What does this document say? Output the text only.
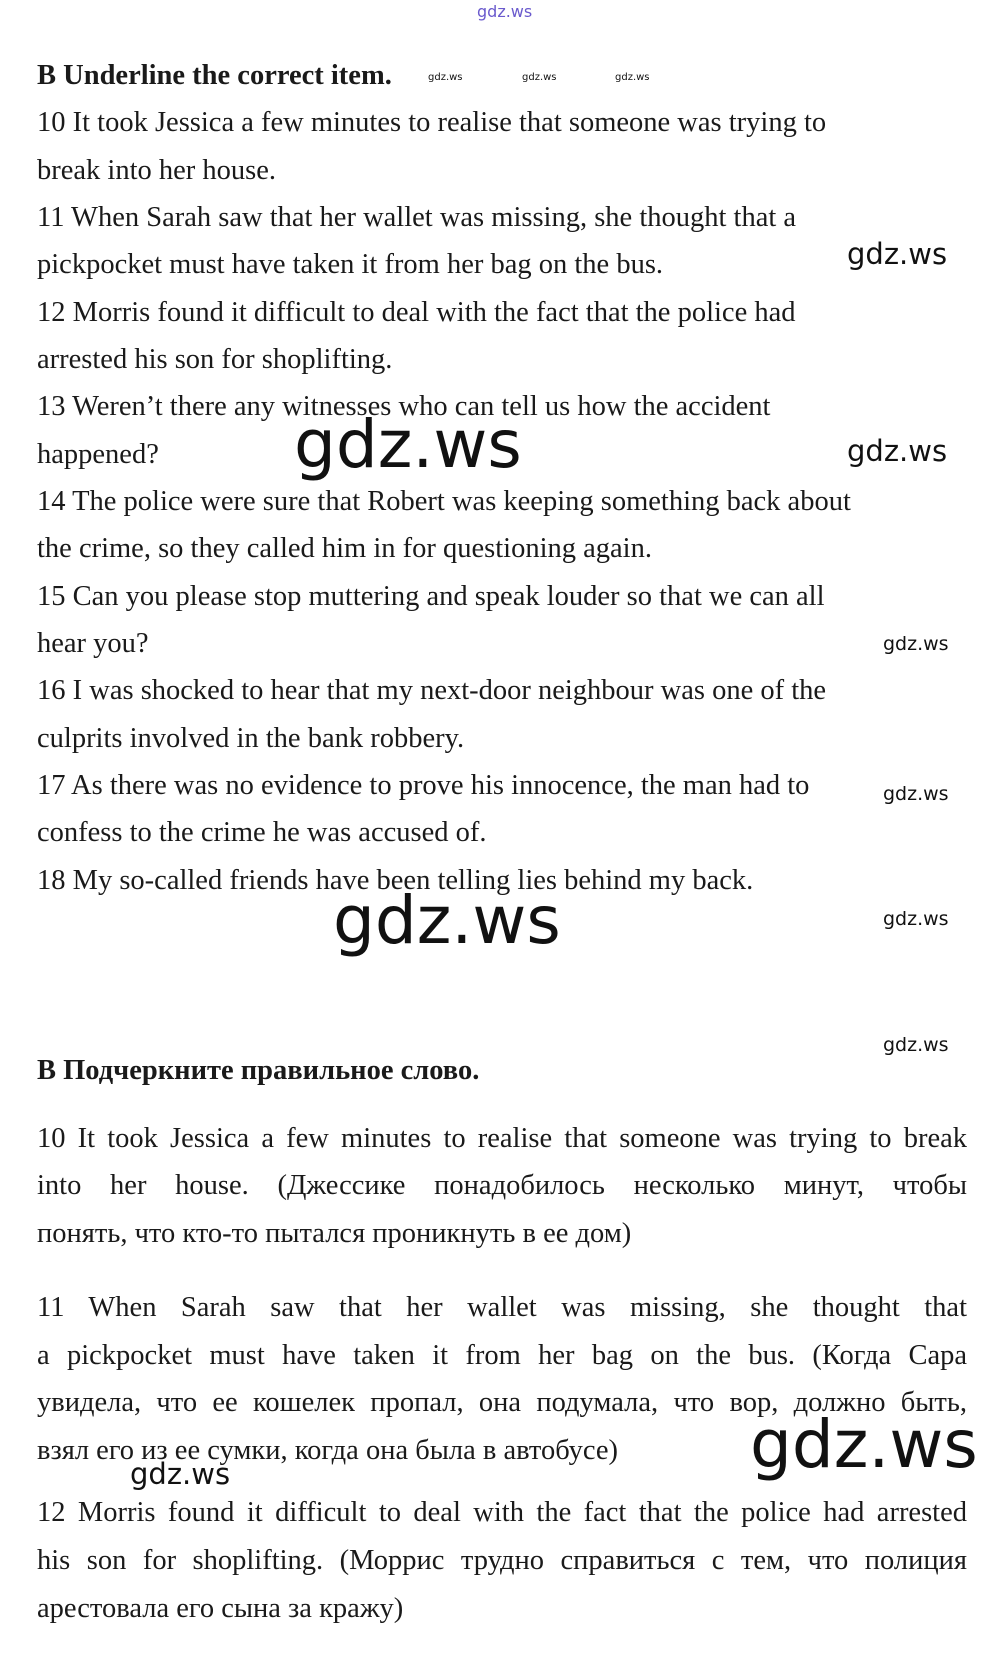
gdz.ws
B Underline the correct item.	gdz.ws	gdz.ws	gdz.ws
10 It took Jessica a few minutes to realise that someone was trying to
break into her house.
11 When Sarah saw that her wallet was missing, she thought that a
pickpocket must have taken it from her bag on the bus.
12 Morris found it difficult to deal with the fact that the police had
arrested his son for shoplifting.
13 Weren’t there any witnesses who can tell us how the accident
happened?
14 The police were sure that Robert was keeping something back about
the crime, so they called him in for questioning again.
15 Can you please stop muttering and speak louder so that we can all
hear you?
16 I was shocked to hear that my next-door neighbour was one of the
culprits involved in the bank robbery.
17 As there was no evidence to prove his innocence, the man had to
confess to the crime he was accused of.
18 My so-called friends have been telling lies behind my back.
gdz.ws
gdz.ws	gdz.ws
gdz.ws
gdz.ws
gdz.ws	gdz.ws
gdz.ws
B Подчеркните правильное слово.
10 It took Jessica a few minutes to realise that someone was trying to break
into her house. (Джессике понадобилось несколько минут, чтобы
понять, что кто-то пытался проникнуть в ее дом)
11 When Sarah saw that her wallet was missing, she thought that
a pickpocket must have taken it from her bag on the bus. (Когда Сара
увидела, что ее кошелек пропал, она подумала, что вор, должно быть,
взял его из ее сумки, когда она была в автобусе)
12 Morris found it difficult to deal with the fact that the police had arrested
his son for shoplifting. (Моррис трудно справиться с тем, что полиция
арестовала его сына за кражу)
gdz.ws
gdz.ws
